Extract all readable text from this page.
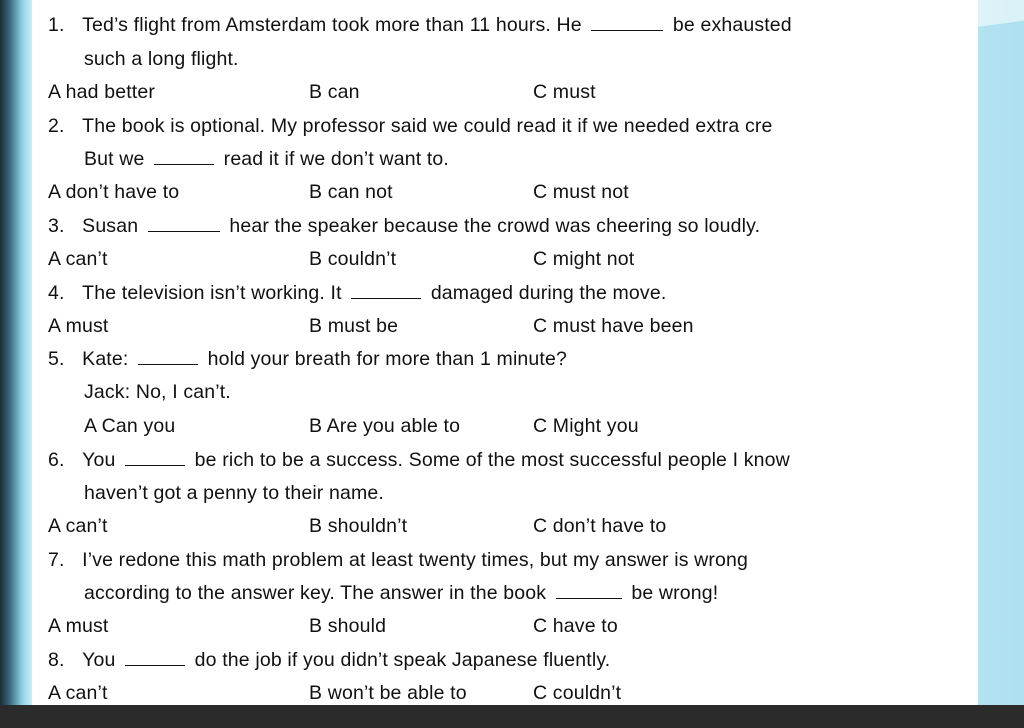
1. Ted’s flight from Amsterdam took more than 11 hours. He	be exhausted
such a long flight.
A had better	B can	C must
2. The book is optional. My professor said we could read it if we needed extra cre
But we	read it if we don’t want to.
A don’t have to	B can not	C must not
3. Susan	hear the speaker because the crowd was cheering so loudly.
A can’t	B couldn’t	C might not
4. The television isn’t working. It	damaged during the move.
A must	B must be	C must have been
5. Kate:	hold your breath for more than 1 minute?
Jack: No, I can’t.
A Can you	B Are you able to	C Might you
6. You	be rich to be a success. Some of the most successful people I know
haven’t got a penny to their name.
A can’t	B shouldn’t	C don’t have to
7. I’ve redone this math problem at least twenty times, but my answer is wrong
according to the answer key. The answer in the book	be wrong!
A must	B should	C have to
8. You	do the job if you didn’t speak Japanese fluently.
A can’t	B won’t be able to	C couldn’t
